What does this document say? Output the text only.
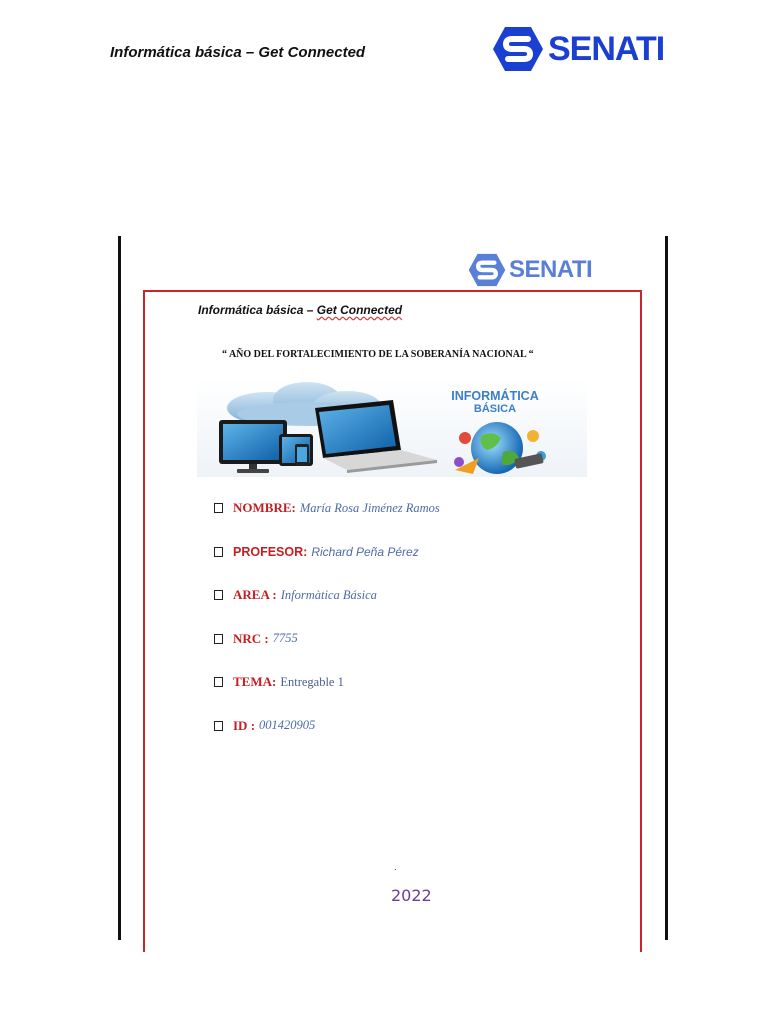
Informática básica – Get Connected	SENATI
SENATI
Informática básica – Get Connected
“ AÑO DEL FORTALECIMIENTO DE LA SOBERANÍA NACIONAL “
INFORMÁTICA
BÁSICA
NOMBRE: María Rosa Jiménez Ramos
PROFESOR: Richard Peña Pérez
AREA : Informàtica Básica
NRC : 7755
TEMA: Entregable 1
ID : 001420905
.
2022
